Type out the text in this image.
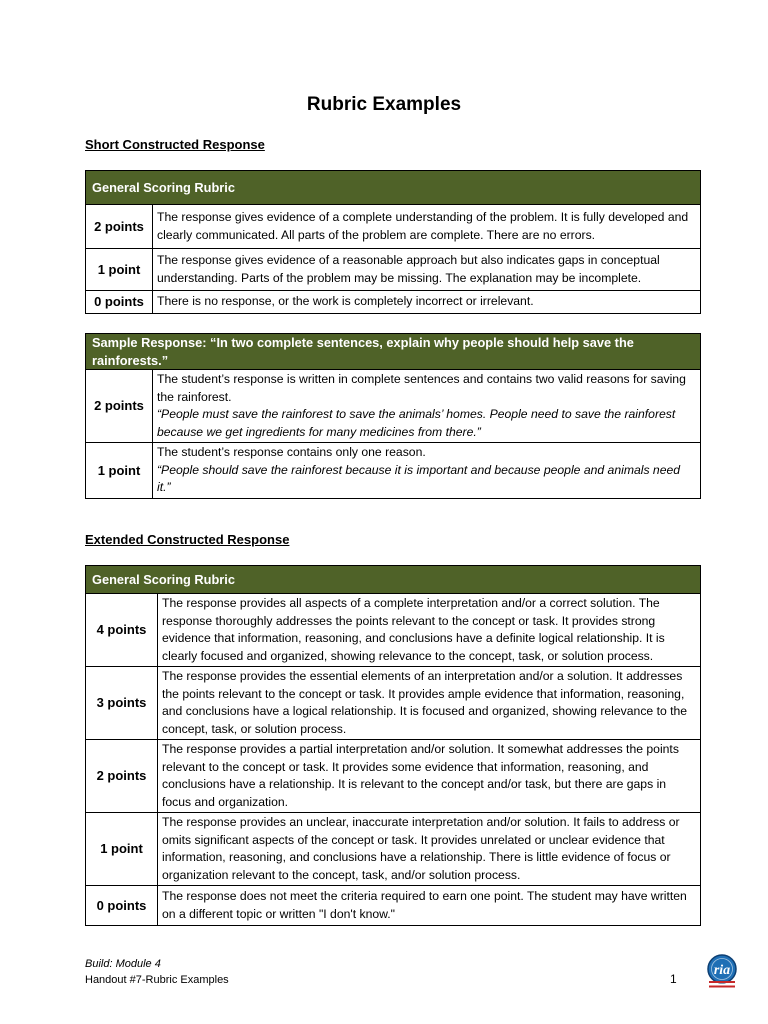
Rubric Examples
Short Constructed Response
General Scoring Rubric	
2 points	The response gives evidence of a complete understanding of the problem. It is fully developed and clearly communicated. All parts of the problem are complete. There are no errors.
1 point	The response gives evidence of a reasonable approach but also indicates gaps in conceptual understanding. Parts of the problem may be missing. The explanation may be incomplete.
0 points	There is no response, or the work is completely incorrect or irrelevant.
Sample Response: “In two complete sentences, explain why people should help save the rainforests.”	
2 points	The student’s response is written in complete sentences and contains two valid reasons for saving the rainforest.
“People must save the rainforest to save the animals’ homes. People need to save the rainforest because we get ingredients for many medicines from there.”

1 point	The student’s response contains only one reason.
“People should save the rainforest because it is important and because people and animals need it.”
Extended Constructed Response
General Scoring Rubric	
4 points	The response provides all aspects of a complete interpretation and/or a correct solution. The response thoroughly addresses the points relevant to the concept or task. It provides strong evidence that information, reasoning, and conclusions have a definite logical relationship. It is clearly focused and organized, showing relevance to the concept, task, or solution process.
3 points	The response provides the essential elements of an interpretation and/or a solution. It addresses the points relevant to the concept or task. It provides ample evidence that information, reasoning, and conclusions have a logical relationship. It is focused and organized, showing relevance to the concept, task, or solution process.
2 points	The response provides a partial interpretation and/or solution. It somewhat addresses the points relevant to the concept or task. It provides some evidence that information, reasoning, and conclusions have a relationship. It is relevant to the concept and/or task, but there are gaps in focus and organization.
1 point	The response provides an unclear, inaccurate interpretation and/or solution. It fails to address or omits significant aspects of the concept or task. It provides unrelated or unclear evidence that information, reasoning, and conclusions have a relationship. There is little evidence of focus or organization relevant to the concept, task, and/or solution process.
0 points	The response does not meet the criteria required to earn one point. The student may have written on a different topic or written "I don't know."
Build: Module 4
Handout #7-Rubric Examples	1
ria
